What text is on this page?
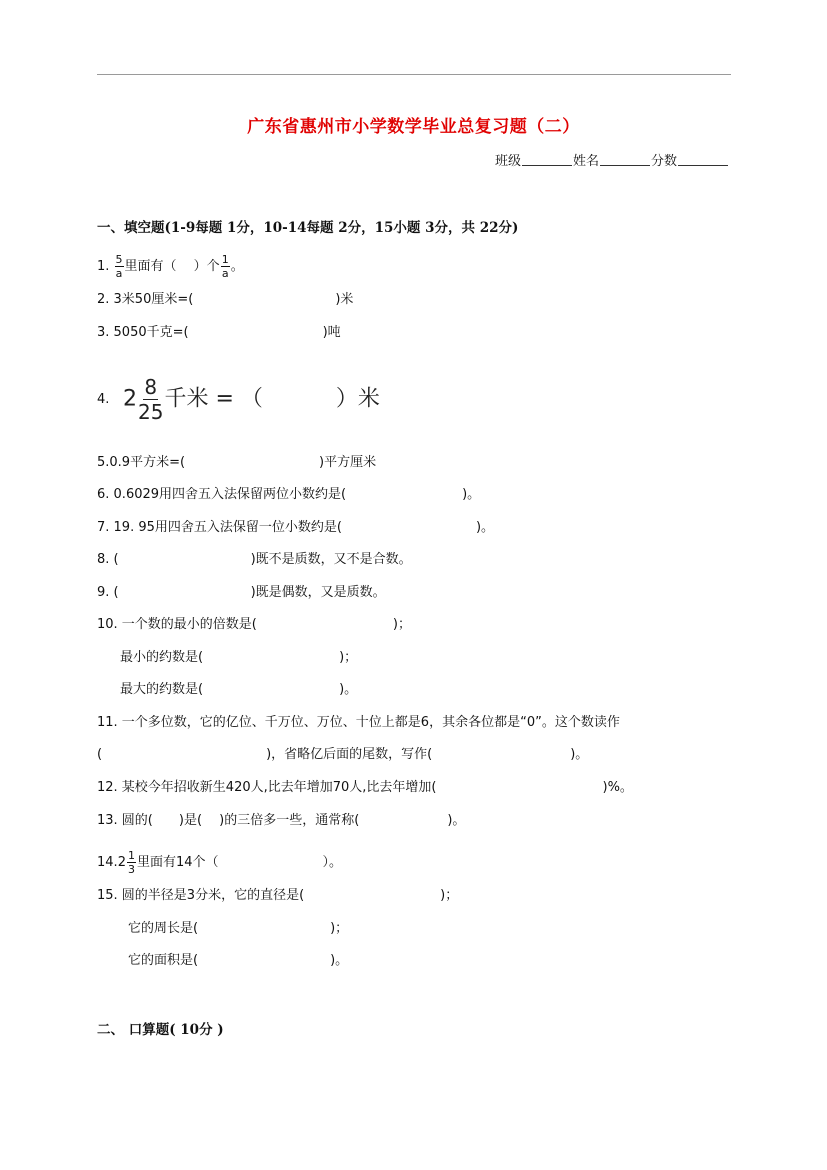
广东省惠州市小学数学毕业总复习题（二）
班级	姓名	分数
一、填空题(1-9每题 1分，10-14每题 2分，15小题 3分，共 22分)
1. $\frac{5}{a}$ 里面有（　 ）个 $\frac{1}{a}$ 。
2. 3米50厘米=(	)米
3. 5050千克=(	)吨
4. $2 \frac{8}{25}$ 千米 = （　　　 ）米
5.0.9平方米=(	)平方厘米
6. 0.6029用四舍五入法保留两位小数约是(	)。
7. 19. 95用四舍五入法保留一位小数约是(	)。
8. (	)既不是质数，又不是合数。
9. (	)既是偶数，又是质数。
10. 一个数的最小的倍数是(	)；
最小的约数是(	)；
最大的约数是(	)。
11. 一个多位数，它的亿位、千万位、万位、十位上都是6，其余各位都是“0”。这个数读作
(	)，省略亿后面的尾数，写作(	)。
12. 某校今年招收新生420人,比去年增加70人,比去年增加(	)%。
13. 圆的(　　)是(　 )的三倍多一些，通常称(	)。
$14.2 \frac{1}{3}$ 里面有14个（	）。
15. 圆的半径是3分米，它的直径是(	)；
它的周长是(	)；
它的面积是(	)。
二、 口算题( 10分 )
